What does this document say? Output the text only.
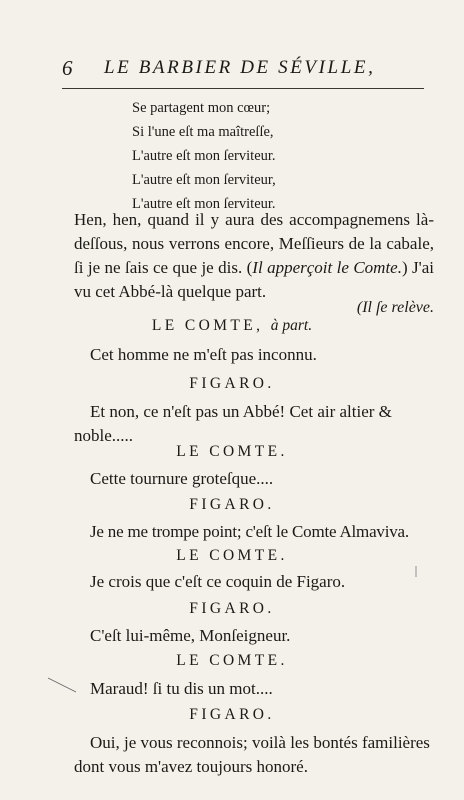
6 LE BARBIER DE SÉVILLE,
Se partagent mon cœur;
Si l'une eſt ma maîtreſſe,
L'autre eſt mon ſerviteur.
L'autre eſt mon ſerviteur,
L'autre eſt mon ſerviteur.
Hen, hen, quand il y aura des accompagnemens là-deſſous, nous verrons encore, Meſſieurs de la cabale, ſi je ne ſais ce que je dis. (Il apperçoit le Comte.) J'ai vu cet Abbé-là quelque part.
(Il ſe relève.
LE COMTE, à part.
Cet homme ne m'eſt pas inconnu.
FIGARO.
Et non, ce n'eſt pas un Abbé! Cet air altier & noble.....
LE COMTE.
Cette tournure groteſque....
FIGARO.
Je ne me trompe point; c'eſt le Comte Almaviva.
LE COMTE.
Je crois que c'eſt ce coquin de Figaro.
FIGARO.
C'eſt lui-même, Monſeigneur.
LE COMTE.
Maraud! ſi tu dis un mot....
FIGARO.
Oui, je vous reconnois; voilà les bontés familières dont vous m'avez toujours honoré.
